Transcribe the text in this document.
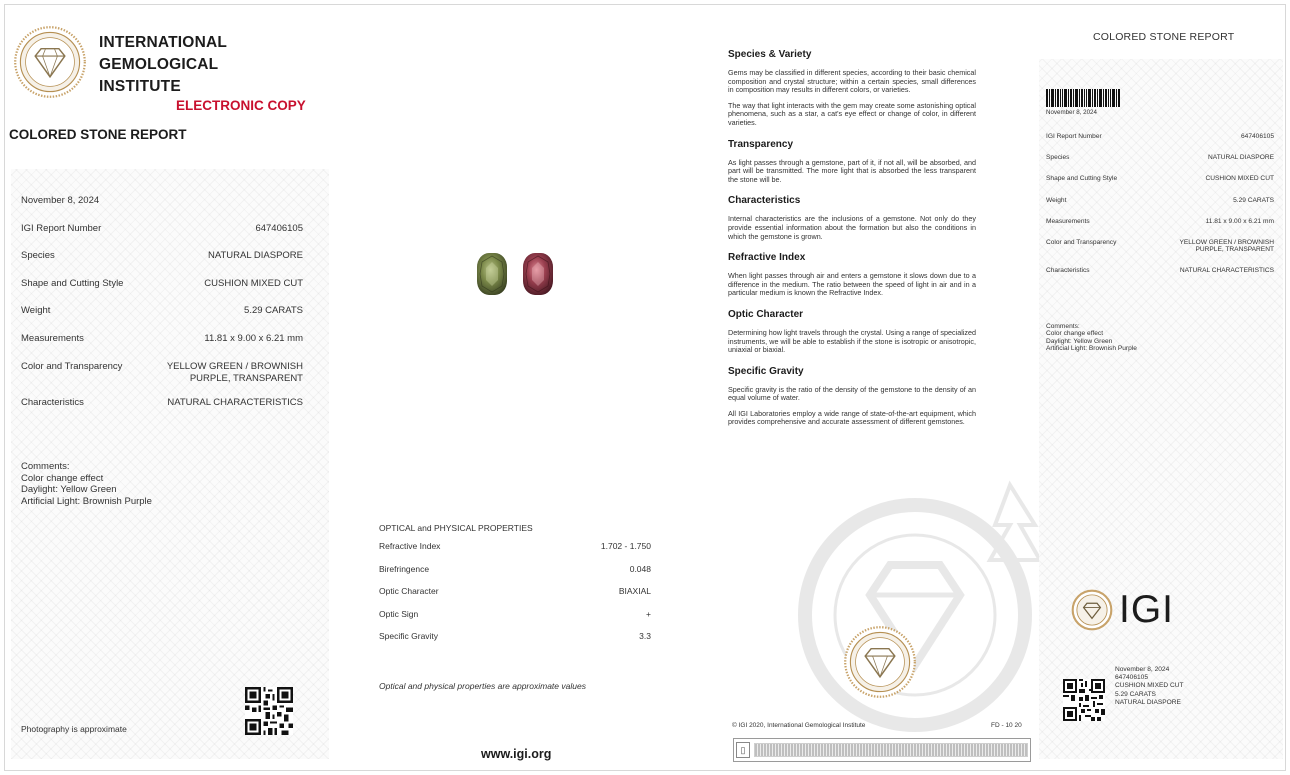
INTERNATIONAL
GEMOLOGICAL
INSTITUTE
ELECTRONIC COPY
COLORED STONE REPORT
November 8, 2024
IGI Report Number	647406105
Species	NATURAL DIASPORE
Shape and Cutting Style	CUSHION MIXED CUT
Weight	5.29 CARATS
Measurements	11.81 x 9.00 x 6.21 mm
Color and Transparency	YELLOW GREEN / BROWNISH PURPLE, TRANSPARENT
Characteristics	NATURAL CHARACTERISTICS
Comments:
Color change effect
Daylight: Yellow Green
Artificial Light: Brownish Purple
Photography is approximate
OPTICAL and PHYSICAL PROPERTIES
Refractive Index	1.702 - 1.750
Birefringence	0.048
Optic Character	BIAXIAL
Optic Sign	+
Specific Gravity	3.3
Optical and physical properties are approximate values
www.igi.org
Species & Variety
Gems may be classified in different species, according to their basic chemical composition and crystal structure; within a certain species, small differences in composition may results in different colors, or varieties.
The way that light interacts with the gem may create some astonishing optical phenomena, such as a star, a cat's eye effect or change of color, in different varieties.
Transparency
As light passes through a gemstone, part of it, if not all, will be absorbed, and part will be transmitted. The more light that is absorbed the less transparent the stone will be.
Characteristics
Internal characteristics are the inclusions of a gemstone. Not only do they provide essential information about the formation but also the conditions in which the gemstone is grown.
Refractive Index
When light passes through air and enters a gemstone it slows down due to a difference in the medium. The ratio between the speed of light in air and in a particular medium is known the Refractive Index.
Optic Character
Determining how light travels through the crystal. Using a range of specialized instruments, we will be able to establish if the stone is isotropic or anisotropic, uniaxial or biaxial.
Specific Gravity
Specific gravity is the ratio of the density of the gemstone to the density of an equal volume of water.
All IGI Laboratories employ a wide range of state-of-the-art equipment, which provides comprehensive and accurate assessment of different gemstones.
© IGI 2020, International Gemological Institute	FD - 10 20
▯
COLORED STONE REPORT
November 8, 2024
IGI Report Number	647406105
Species	NATURAL DIASPORE
Shape and Cutting Style	CUSHION MIXED CUT
Weight	5.29 CARATS
Measurements	11.81 x 9.00 x 6.21 mm
Color and Transparency	YELLOW GREEN / BROWNISH PURPLE, TRANSPARENT
Characteristics	NATURAL CHARACTERISTICS
Comments:
Color change effect
Daylight: Yellow Green
Artificial Light: Brownish Purple
IGI
November 8, 2024
647406105
CUSHION MIXED CUT
5.29 CARATS
NATURAL DIASPORE
